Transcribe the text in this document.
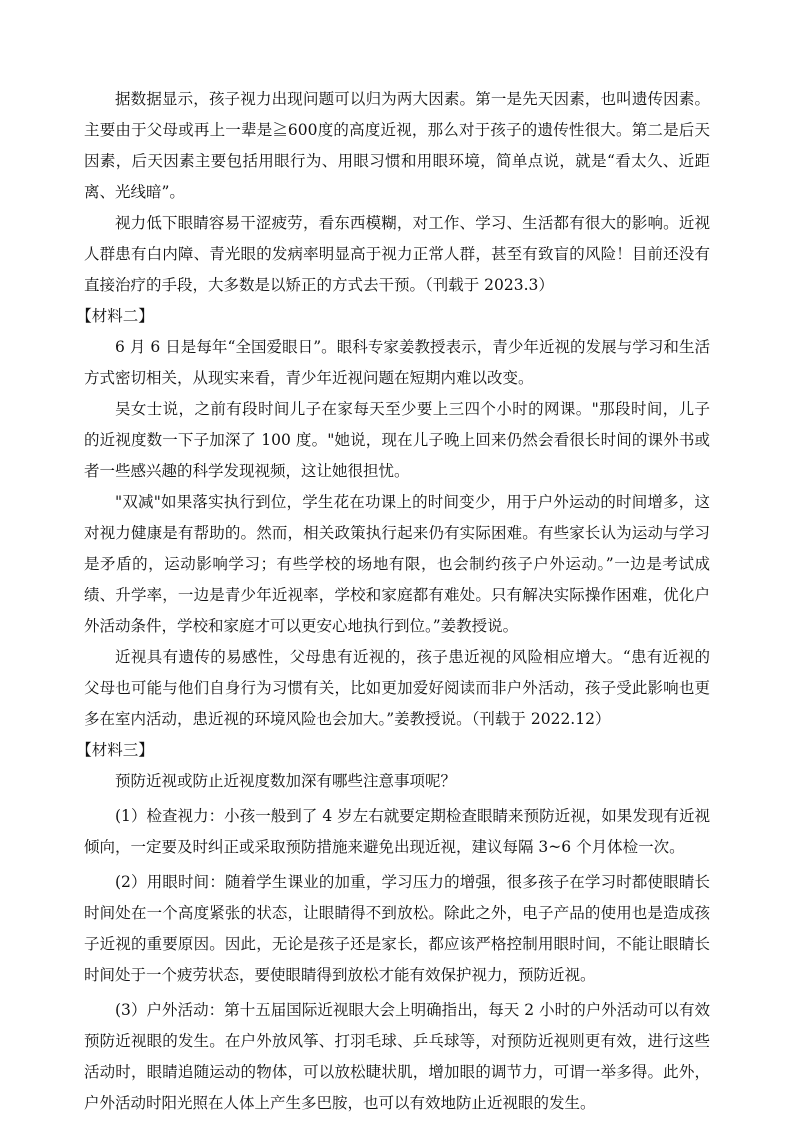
据数据显示，孩子视力出现问题可以归为两大因素。第一是先天因素，也叫遗传因素。主要由于父母或再上一辈是≧600度的高度近视，那么对于孩子的遗传性很大。第二是后天因素，后天因素主要包括用眼行为、用眼习惯和用眼环境，简单点说，就是“看太久、近距离、光线暗”。

视力低下眼睛容易干涩疲劳，看东西模糊，对工作、学习、生活都有很大的影响。近视人群患有白内障、青光眼的发病率明显高于视力正常人群，甚至有致盲的风险！目前还没有直接治疗的手段，大多数是以矫正的方式去干预。（刊载于 2023.3）

【材料二】

6 月 6 日是每年“全国爱眼日”。眼科专家姜教授表示，青少年近视的发展与学习和生活方式密切相关，从现实来看，青少年近视问题在短期内难以改变。

吴女士说，之前有段时间儿子在家每天至少要上三四个小时的网课。"那段时间，儿子的近视度数一下子加深了 100 度。"她说，现在儿子晚上回来仍然会看很长时间的课外书或者一些感兴趣的科学发现视频，这让她很担忧。

"双减"如果落实执行到位，学生花在功课上的时间变少，用于户外运动的时间增多，这对视力健康是有帮助的。然而，相关政策执行起来仍有实际困难。有些家长认为运动与学习是矛盾的，运动影响学习；有些学校的场地有限，也会制约孩子户外运动。”一边是考试成绩、升学率，一边是青少年近视率，学校和家庭都有难处。只有解决实际操作困难，优化户外活动条件，学校和家庭才可以更安心地执行到位。”姜教授说。

近视具有遗传的易感性，父母患有近视的，孩子患近视的风险相应增大。“患有近视的父母也可能与他们自身行为习惯有关，比如更加爱好阅读而非户外活动，孩子受此影响也更多在室内活动，患近视的环境风险也会加大。”姜教授说。（刊载于 2022.12）

【材料三】

预防近视或防止近视度数加深有哪些注意事项呢？

(1）检查视力：小孩一般到了 4 岁左右就要定期检查眼睛来预防近视，如果发现有近视倾向，一定要及时纠正或采取预防措施来避免出现近视，建议每隔 3~6 个月体检一次。

(2）用眼时间：随着学生课业的加重，学习压力的增强，很多孩子在学习时都使眼睛长时间处在一个高度紧张的状态，让眼睛得不到放松。除此之外，电子产品的使用也是造成孩子近视的重要原因。因此，无论是孩子还是家长，都应该严格控制用眼时间，不能让眼睛长时间处于一个疲劳状态，要使眼睛得到放松才能有效保护视力，预防近视。

(3）户外活动：第十五届国际近视眼大会上明确指出，每天 2 小时的户外活动可以有效预防近视眼的发生。在户外放风筝、打羽毛球、乒乓球等，对预防近视则更有效，进行这些活动时，眼睛追随运动的物体，可以放松睫状肌，增加眼的调节力，可谓一举多得。此外，户外活动时阳光照在人体上产生多巴胺，也可以有效地防止近视眼的发生。
